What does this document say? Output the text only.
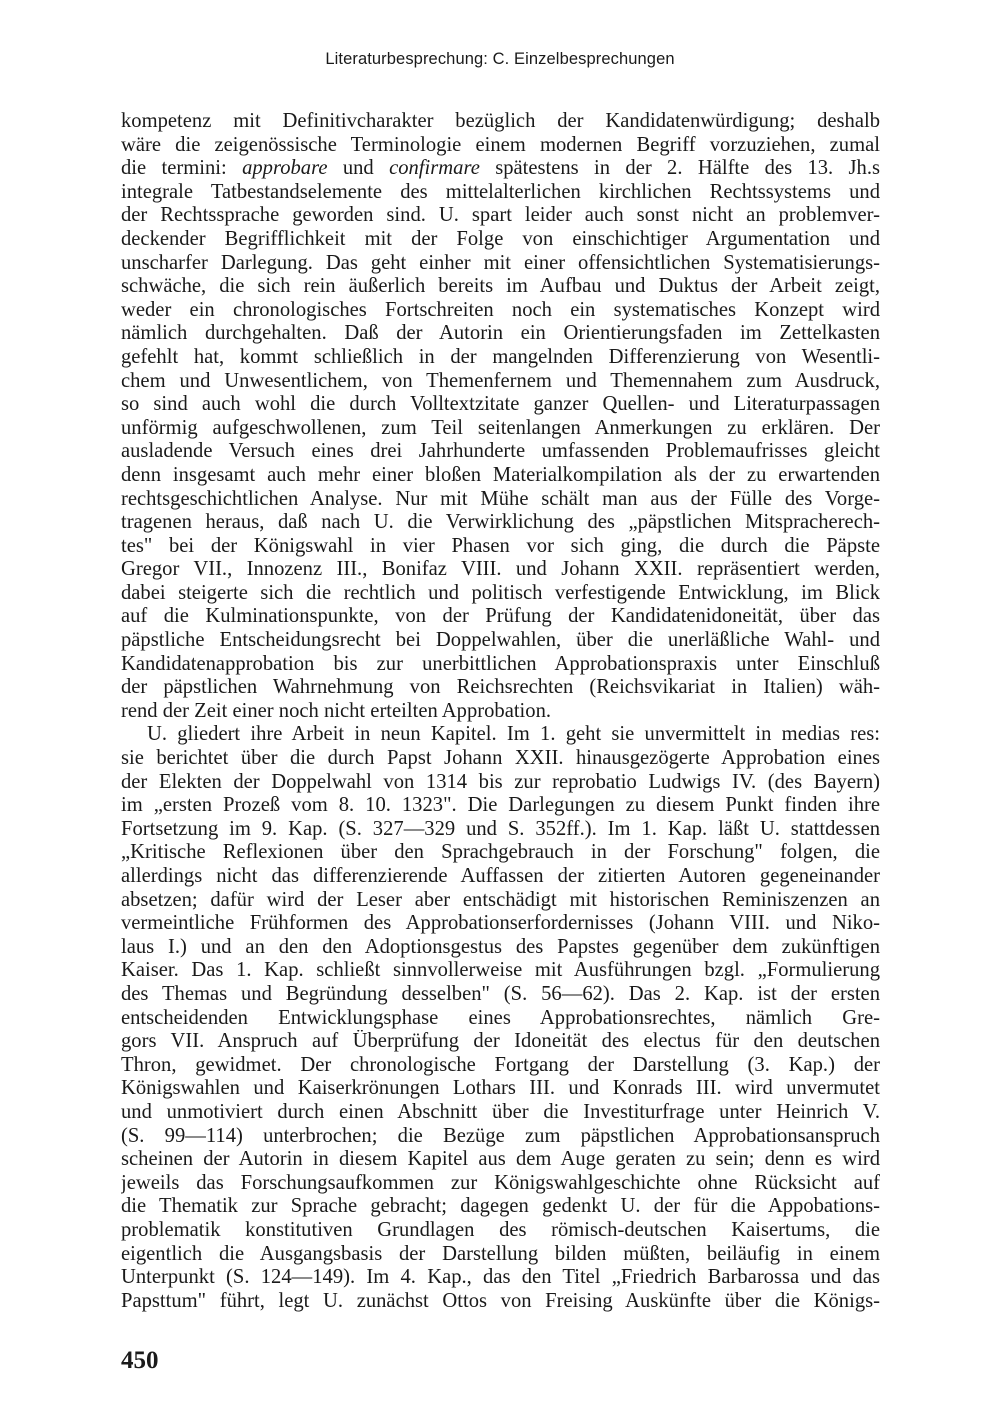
Literaturbesprechung: C. Einzelbesprechungen

kompetenz mit Definitivcharakter bezüglich der Kandidatenwürdigung; deshalb
wäre die zeigenössische Terminologie einem modernen Begriff vorzuziehen, zumal
die termini: approbare und confirmare spätestens in der 2. Hälfte des 13. Jh.s
integrale Tatbestandselemente des mittelalterlichen kirchlichen Rechtssystems und
der Rechtssprache geworden sind. U. spart leider auch sonst nicht an problemver-
deckender Begrifflichkeit mit der Folge von einschichtiger Argumentation und
unscharfer Darlegung. Das geht einher mit einer offensichtlichen Systematisierungs-
schwäche, die sich rein äußerlich bereits im Aufbau und Duktus der Arbeit zeigt,
weder ein chronologisches Fortschreiten noch ein systematisches Konzept wird
nämlich durchgehalten. Daß der Autorin ein Orientierungsfaden im Zettelkasten
gefehlt hat, kommt schließlich in der mangelnden Differenzierung von Wesentli-
chem und Unwesentlichem, von Themenfernem und Themennahem zum Ausdruck,
so sind auch wohl die durch Volltextzitate ganzer Quellen- und Literaturpassagen
unförmig aufgeschwollenen, zum Teil seitenlangen Anmerkungen zu erklären. Der
ausladende Versuch eines drei Jahrhunderte umfassenden Problemaufrisses gleicht
denn insgesamt auch mehr einer bloßen Materialkompilation als der zu erwartenden
rechtsgeschichtlichen Analyse. Nur mit Mühe schält man aus der Fülle des Vorge-
tragenen heraus, daß nach U. die Verwirklichung des „päpstlichen Mitspracherech-
tes" bei der Königswahl in vier Phasen vor sich ging, die durch die Päpste
Gregor VII., Innozenz III., Bonifaz VIII. und Johann XXII. repräsentiert werden,
dabei steigerte sich die rechtlich und politisch verfestigende Entwicklung, im Blick
auf die Kulminationspunkte, von der Prüfung der Kandidatenidoneität, über das
päpstliche Entscheidungsrecht bei Doppelwahlen, über die unerläßliche Wahl- und
Kandidatenapprobation bis zur unerbittlichen Approbationspraxis unter Einschluß
der päpstlichen Wahrnehmung von Reichsrechten (Reichsvikariat in Italien) wäh-
rend der Zeit einer noch nicht erteilten Approbation.

U. gliedert ihre Arbeit in neun Kapitel. Im 1. geht sie unvermittelt in medias res:
sie berichtet über die durch Papst Johann XXII. hinausgezögerte Approbation eines
der Elekten der Doppelwahl von 1314 bis zur reprobatio Ludwigs IV. (des Bayern)
im „ersten Prozeß vom 8. 10. 1323". Die Darlegungen zu diesem Punkt finden ihre
Fortsetzung im 9. Kap. (S. 327—329 und S. 352ff.). Im 1. Kap. läßt U. stattdessen
„Kritische Reflexionen über den Sprachgebrauch in der Forschung" folgen, die
allerdings nicht das differenzierende Auffassen der zitierten Autoren gegeneinander
absetzen; dafür wird der Leser aber entschädigt mit historischen Reminiszenzen an
vermeintliche Frühformen des Approbationserfordernisses (Johann VIII. und Niko-
laus I.) und an den den Adoptionsgestus des Papstes gegenüber dem zukünftigen
Kaiser. Das 1. Kap. schließt sinnvollerweise mit Ausführungen bzgl. „Formulierung
des Themas und Begründung desselben" (S. 56—62). Das 2. Kap. ist der ersten
entscheidenden Entwicklungsphase eines Approbationsrechtes, nämlich Gre-
gors VII. Anspruch auf Überprüfung der Idoneität des electus für den deutschen
Thron, gewidmet. Der chronologische Fortgang der Darstellung (3. Kap.) der
Königswahlen und Kaiserkrönungen Lothars III. und Konrads III. wird unvermutet
und unmotiviert durch einen Abschnitt über die Investiturfrage unter Heinrich V.
(S. 99—114) unterbrochen; die Bezüge zum päpstlichen Approbationsanspruch
scheinen der Autorin in diesem Kapitel aus dem Auge geraten zu sein; denn es wird
jeweils das Forschungsaufkommen zur Königswahlgeschichte ohne Rücksicht auf
die Thematik zur Sprache gebracht; dagegen gedenkt U. der für die Appobations-
problematik konstitutiven Grundlagen des römisch-deutschen Kaisertums, die
eigentlich die Ausgangsbasis der Darstellung bilden müßten, beiläufig in einem
Unterpunkt (S. 124—149). Im 4. Kap., das den Titel „Friedrich Barbarossa und das
Papsttum" führt, legt U. zunächst Ottos von Freising Auskünfte über die Königs-

450
